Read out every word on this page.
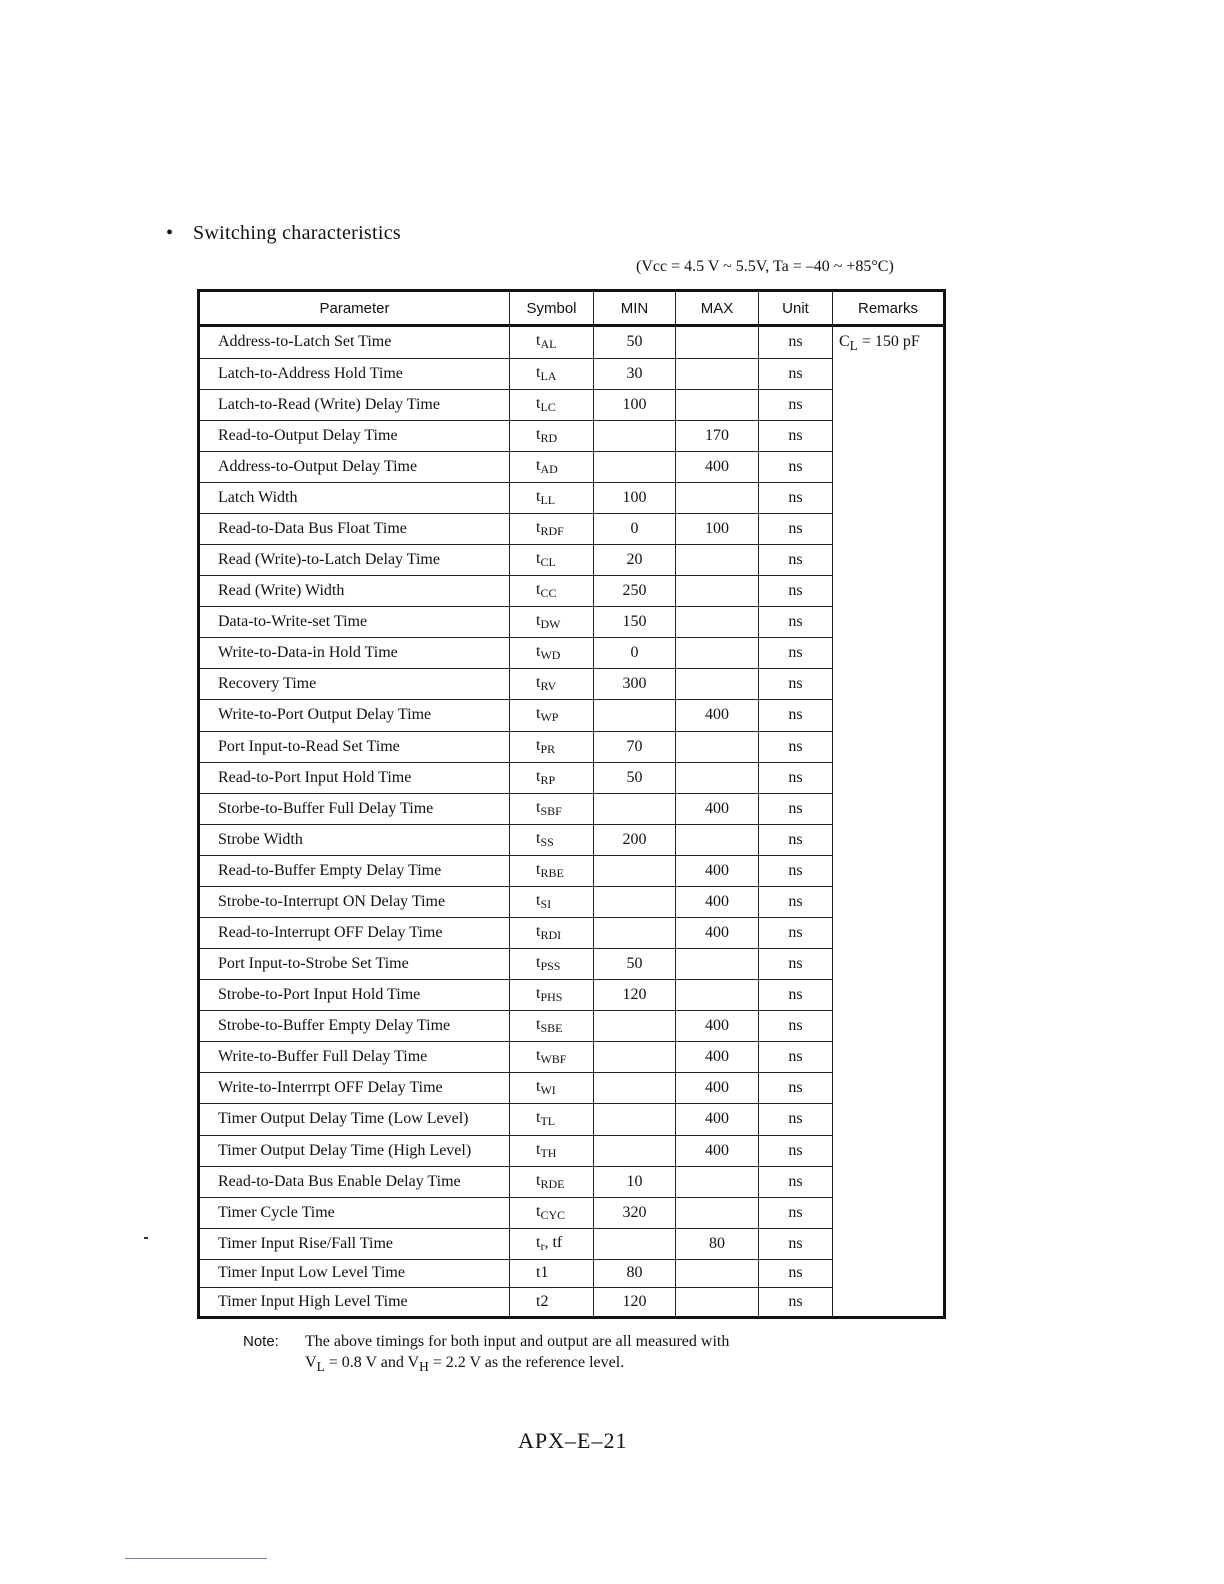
• Switching characteristics
(Vcc = 4.5 V ~ 5.5V, Ta = –40 ~ +85°C)
Parameter	Symbol	MIN	MAX	Unit	Remarks
Address-to-Latch Set Time	$t_{AL}$	50		ns	$C_L = 150$ pF
Latch-to-Address Hold Time	$t_{LA}$	30		ns	
Latch-to-Read (Write) Delay Time	$t_{LC}$	100		ns	
Read-to-Output Delay Time	$t_{RD}$		170	ns	
Address-to-Output Delay Time	$t_{AD}$		400	ns	
Latch Width	$t_{LL}$	100		ns	
Read-to-Data Bus Float Time	$t_{RDF}$	0	100	ns	
Read (Write)-to-Latch Delay Time	$t_{CL}$	20		ns	
Read (Write) Width	$t_{CC}$	250		ns	
Data-to-Write-set Time	$t_{DW}$	150		ns	
Write-to-Data-in Hold Time	$t_{WD}$	0		ns	
Recovery Time	$t_{RV}$	300		ns	
Write-to-Port Output Delay Time	$t_{WP}$		400	ns	
Port Input-to-Read Set Time	$t_{PR}$	70		ns	
Read-to-Port Input Hold Time	$t_{RP}$	50		ns	
Storbe-to-Buffer Full Delay Time	$t_{SBF}$		400	ns	
Strobe Width	$t_{SS}$	200		ns	
Read-to-Buffer Empty Delay Time	$t_{RBE}$		400	ns	
Strobe-to-Interrupt ON Delay Time	$t_{SI}$		400	ns	
Read-to-Interrupt OFF Delay Time	$t_{RDI}$		400	ns	
Port Input-to-Strobe Set Time	$t_{PSS}$	50		ns	
Strobe-to-Port Input Hold Time	$t_{PHS}$	120		ns	
Strobe-to-Buffer Empty Delay Time	$t_{SBE}$		400	ns	
Write-to-Buffer Full Delay Time	$t_{WBF}$		400	ns	
Write-to-Interrrpt OFF Delay Time	$t_{WI}$		400	ns	
Timer Output Delay Time (Low Level)	$t_{TL}$		400	ns	
Timer Output Delay Time (High Level)	$t_{TH}$		400	ns	
Read-to-Data Bus Enable Delay Time	$t_{RDE}$	10		ns	
Timer Cycle Time	$t_{CYC}$	320		ns	
Timer Input Rise/Fall Time	$t_r$, tf		80	ns	
Timer Input Low Level Time	t1	80		ns	
Timer Input High Level Time	t2	120		ns	
Note: The above timings for both input and output are all measured with
$V_L = 0.8$ V and $V_H = 2.2$ V as the reference level.
APX–E–21
